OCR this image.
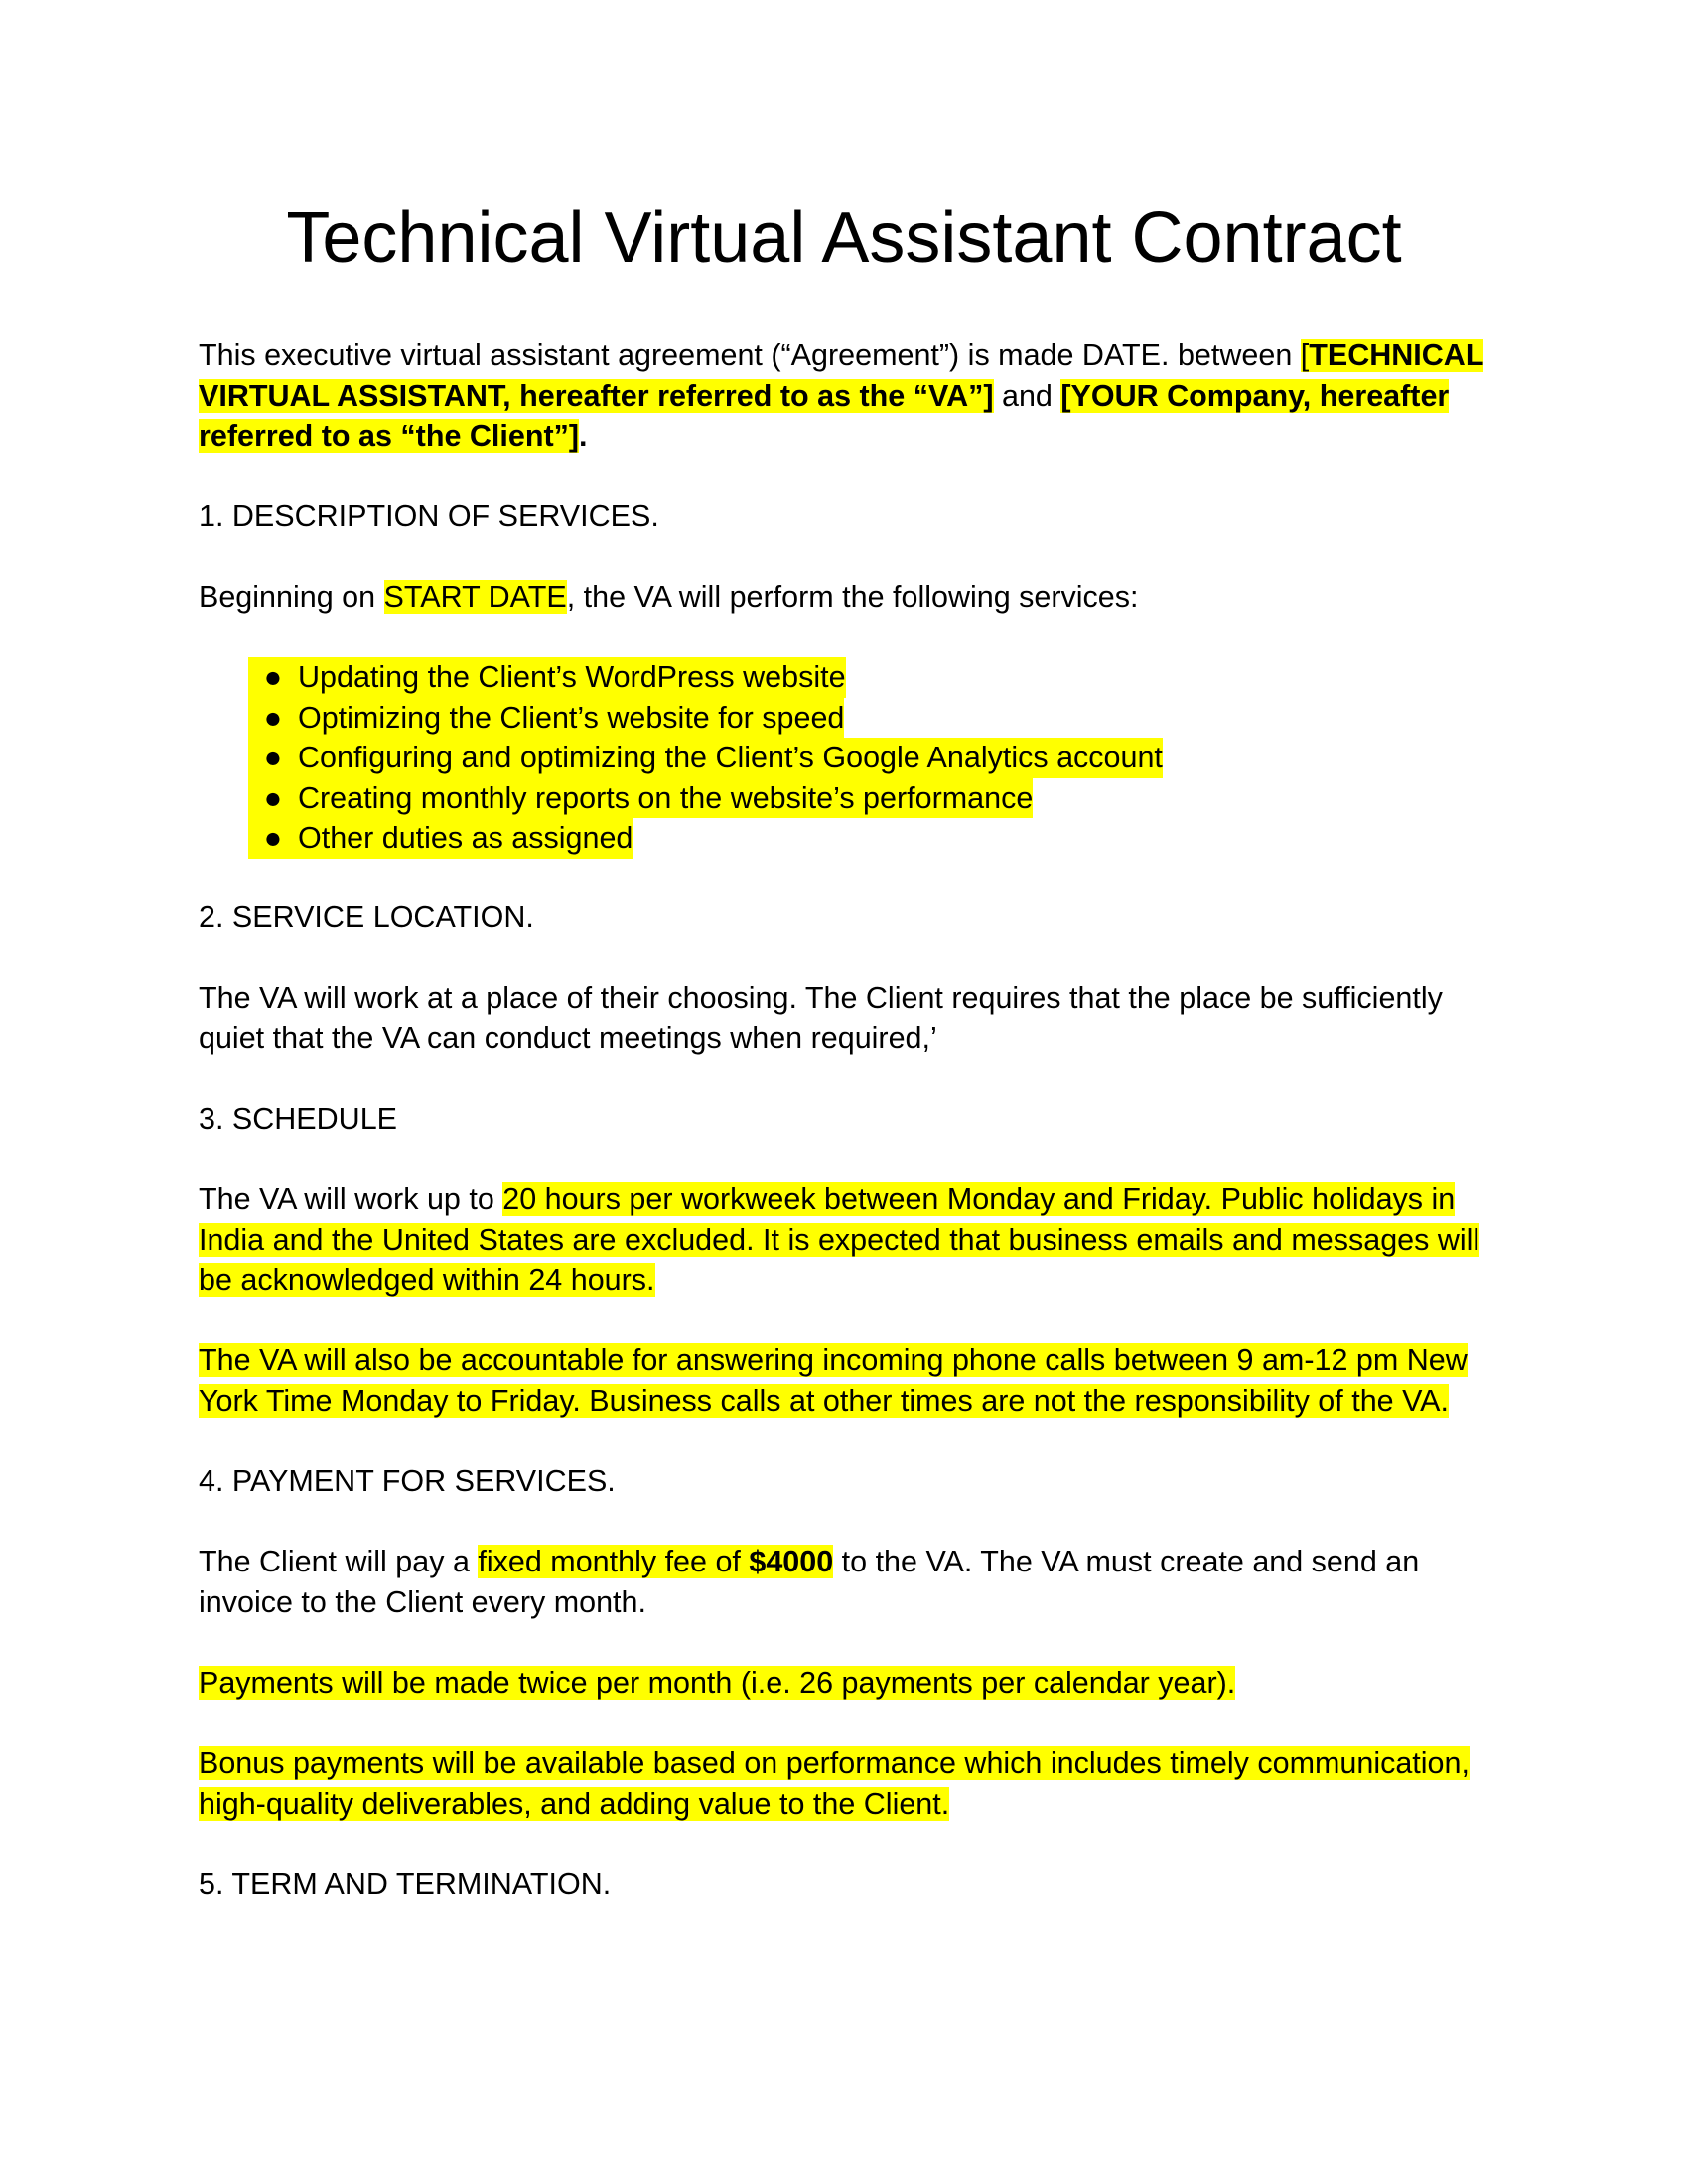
Technical Virtual Assistant Contract

This executive virtual assistant agreement (“Agreement”) is made DATE. between [TECHNICAL VIRTUAL ASSISTANT, hereafter referred to as the “VA”] and [YOUR Company, hereafter referred to as “the Client”].

1. DESCRIPTION OF SERVICES.

Beginning on START DATE, the VA will perform the following services:

● Updating the Client’s WordPress website
● Optimizing the Client’s website for speed
● Configuring and optimizing the Client’s Google Analytics account
● Creating monthly reports on the website’s performance
● Other duties as assigned

2. SERVICE LOCATION.

The VA will work at a place of their choosing. The Client requires that the place be sufficiently quiet that the VA can conduct meetings when required,’

3. SCHEDULE

The VA will work up to 20 hours per workweek between Monday and Friday. Public holidays in India and the United States are excluded. It is expected that business emails and messages will be acknowledged within 24 hours.

The VA will also be accountable for answering incoming phone calls between 9 am-12 pm New York Time Monday to Friday. Business calls at other times are not the responsibility of the VA.

4. PAYMENT FOR SERVICES.

The Client will pay a fixed monthly fee of $4000 to the VA. The VA must create and send an invoice to the Client every month.

Payments will be made twice per month (i.e. 26 payments per calendar year).

Bonus payments will be available based on performance which includes timely communication, high-quality deliverables, and adding value to the Client.

5. TERM AND TERMINATION.
